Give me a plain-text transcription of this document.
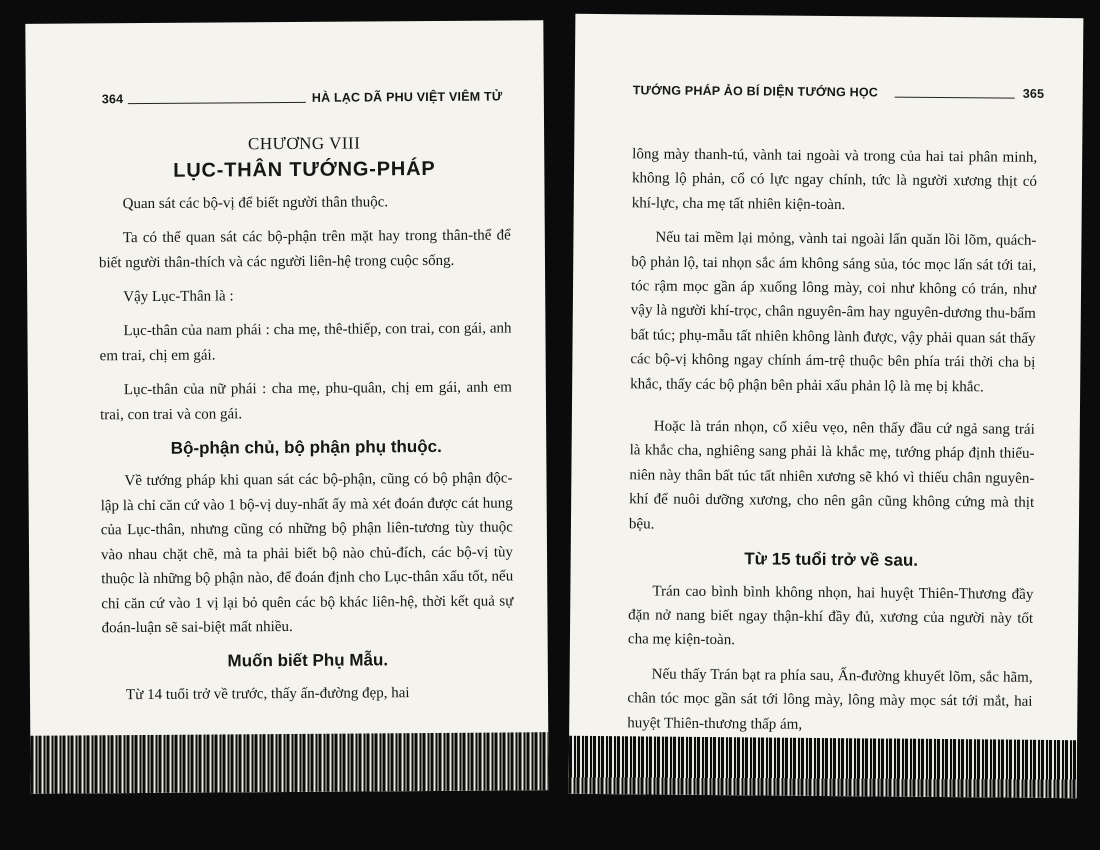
364	HÀ LẠC DÃ PHU VIỆT VIÊM TỬ
CHƯƠNG VIII
LỤC-THÂN TƯỚNG-PHÁP

Quan sát các bộ-vị để biết người thân thuộc.

Ta có thể quan sát các bộ-phận trên mặt hay trong thân-thể để biết người thân-thích và các người liên-hệ trong cuộc sống.

Vậy Lục-Thân là :

Lục-thân của nam phái : cha mẹ, thê-thiếp, con trai, con gái, anh em trai, chị em gái.

Lục-thân của nữ phái : cha mẹ, phu-quân, chị em gái, anh em trai, con trai và con gái.

Bộ-phận chủ, bộ phận phụ thuộc.

Về tướng pháp khi quan sát các bộ-phận, cũng có bộ phận độc-lập là chỉ căn cứ vào 1 bộ-vị duy-nhất ấy mà xét đoán được cát hung của Lục-thân, nhưng cũng có những bộ phận liên-tương tùy thuộc vào nhau chặt chẽ, mà ta phải biết bộ nào chủ-đích, các bộ-vị tùy thuộc là những bộ phận nào, để đoán định cho Lục-thân xấu tốt, nếu chỉ căn cứ vào 1 vị lại bỏ quên các bộ khác liên-hệ, thời kết quả sự đoán-luận sẽ sai-biệt mất nhiều.

Muốn biết Phụ Mẫu.

Từ 14 tuổi trở về trước, thấy ấn-đường đẹp, hai

TƯỚNG PHÁP ẢO BÍ DIỆN TƯỚNG HỌC	365

lông mày thanh-tú, vành tai ngoài và trong của hai tai phân minh, không lộ phản, cổ có lực ngay chính, tức là người xương thịt có khí-lực, cha mẹ tất nhiên kiện-toàn.

Nếu tai mềm lại mỏng, vành tai ngoài lấn quăn lồi lõm, quách-bộ phản lộ, tai nhọn sắc ám không sáng sủa, tóc mọc lấn sát tới tai, tóc rậm mọc gần áp xuống lông mày, coi như không có trán, như vậy là người khí-trọc, chân nguyên-âm hay nguyên-dương thu-bẩm bất túc; phụ-mẫu tất nhiên không lành được, vậy phải quan sát thấy các bộ-vị không ngay chính ám-trệ thuộc bên phía trái thời cha bị khắc, thấy các bộ phận bên phải xấu phản lộ là mẹ bị khắc.

Hoặc là trán nhọn, cổ xiêu vẹo, nên thấy đầu cứ ngả sang trái là khắc cha, nghiêng sang phải là khắc mẹ, tướng pháp định thiếu-niên này thân bất túc tất nhiên xương sẽ khó vì thiếu chân nguyên-khí để nuôi dưỡng xương, cho nên gân cũng không cứng mà thịt bệu.

Từ 15 tuổi trở về sau.

Trán cao bình bình không nhọn, hai huyệt Thiên-Thương đầy đặn nở nang biết ngay thận-khí đầy đủ, xương của người này tốt cha mẹ kiện-toàn.

Nếu thấy Trán bạt ra phía sau, Ấn-đường khuyết lõm, sắc hãm, chân tóc mọc gần sát tới lông mày, lông mày mọc sát tới mắt, hai huyệt Thiên-thương thấp ám,
